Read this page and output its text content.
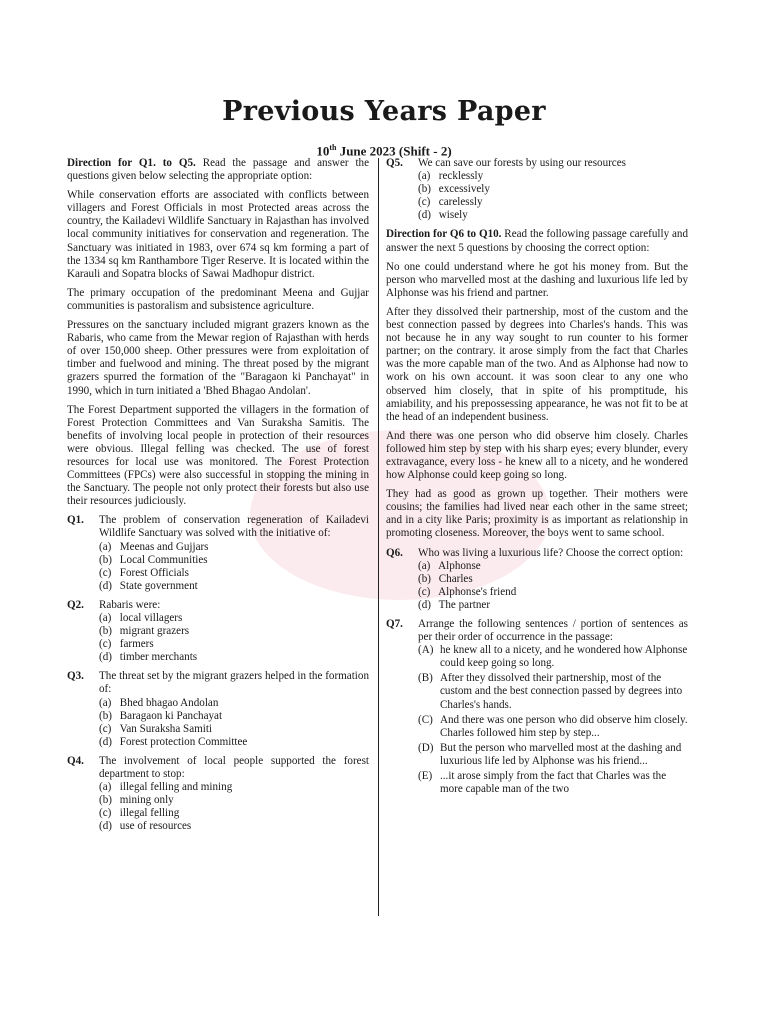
Previous Years Paper
10th June 2023 (Shift - 2)

Direction for Q1. to Q5. Read the passage and answer the questions given below selecting the appropriate option:

While conservation efforts are associated with conflicts between villagers and Forest Officials in most Protected areas across the country, the Kailadevi Wildlife Sanctuary in Rajasthan has involved local community initiatives for conservation and regeneration. The Sanctuary was initiated in 1983, over 674 sq km forming a part of the 1334 sq km Ranthambore Tiger Reserve. It is located within the Karauli and Sopatra blocks of Sawai Madhopur district.

The primary occupation of the predominant Meena and Gujjar communities is pastoralism and subsistence agriculture.

Pressures on the sanctuary included migrant grazers known as the Rabaris, who came from the Mewar region of Rajasthan with herds of over 150,000 sheep. Other pressures were from exploitation of timber and fuelwood and mining. The threat posed by the migrant grazers spurred the formation of the "Baragaon ki Panchayat" in 1990, which in turn initiated a 'Bhed Bhagao Andolan'.

The Forest Department supported the villagers in the formation of Forest Protection Committees and Van Suraksha Samitis. The benefits of involving local people in protection of their resources were obvious. Illegal felling was checked. The use of forest resources for local use was monitored. The Forest Protection Committees (FPCs) were also successful in stopping the mining in the Sanctuary. The people not only protect their forests but also use their resources judiciously.

Q1.	The problem of conservation regeneration of Kailadevi Wildlife Sanctuary was solved with the initiative of:
(a) Meenas and Gujjars
(b) Local Communities
(c) Forest Officials
(d) State government
Q2.	Rabaris were:
(a) local villagers
(b) migrant grazers
(c) farmers
(d) timber merchants
Q3.	The threat set by the migrant grazers helped in the formation of:
(a) Bhed bhagao Andolan
(b) Baragaon ki Panchayat
(c) Van Suraksha Samiti
(d) Forest protection Committee
Q4.	The involvement of local people supported the forest department to stop:
(a) illegal felling and mining
(b) mining only
(c) illegal felling
(d) use of resources
Q5.	We can save our forests by using our resources
(a) recklessly
(b) excessively
(c) carelessly
(d) wisely

Direction for Q6 to Q10. Read the following passage carefully and answer the next 5 questions by choosing the correct option:

No one could understand where he got his money from. But the person who marvelled most at the dashing and luxurious life led by Alphonse was his friend and partner.

After they dissolved their partnership, most of the custom and the best connection passed by degrees into Charles's hands. This was not because he in any way sought to run counter to his former partner; on the contrary. it arose simply from the fact that Charles was the more capable man of the two. And as Alphonse had now to work on his own account. it was soon clear to any one who observed him closely, that in spite of his promptitude, his amiability, and his prepossessing appearance, he was not fit to be at the head of an independent business.

And there was one person who did observe him closely. Charles followed him step by step with his sharp eyes; every blunder, every extravagance, every loss - he knew all to a nicety, and he wondered how Alphonse could keep going so long.

They had as good as grown up together. Their mothers were cousins; the families had lived near each other in the same street; and in a city like Paris; proximity is as important as relationship in promoting closeness. Moreover, the boys went to same school.

Q6.	Who was living a luxurious life? Choose the correct option:
(a) Alphonse
(b) Charles
(c) Alphonse's friend
(d) The partner
Q7.	Arrange the following sentences / portion of sentences as per their order of occurrence in the passage:
(A) he knew all to a nicety, and he wondered how Alphonse could keep going so long.
(B) After they dissolved their partnership, most of the custom and the best connection passed by degrees into Charles's hands.
(C) And there was one person who did observe him closely. Charles followed him step by step...
(D) But the person who marvelled most at the dashing and luxurious life led by Alphonse was his friend...
(E) ...it arose simply from the fact that Charles was the more capable man of the two
